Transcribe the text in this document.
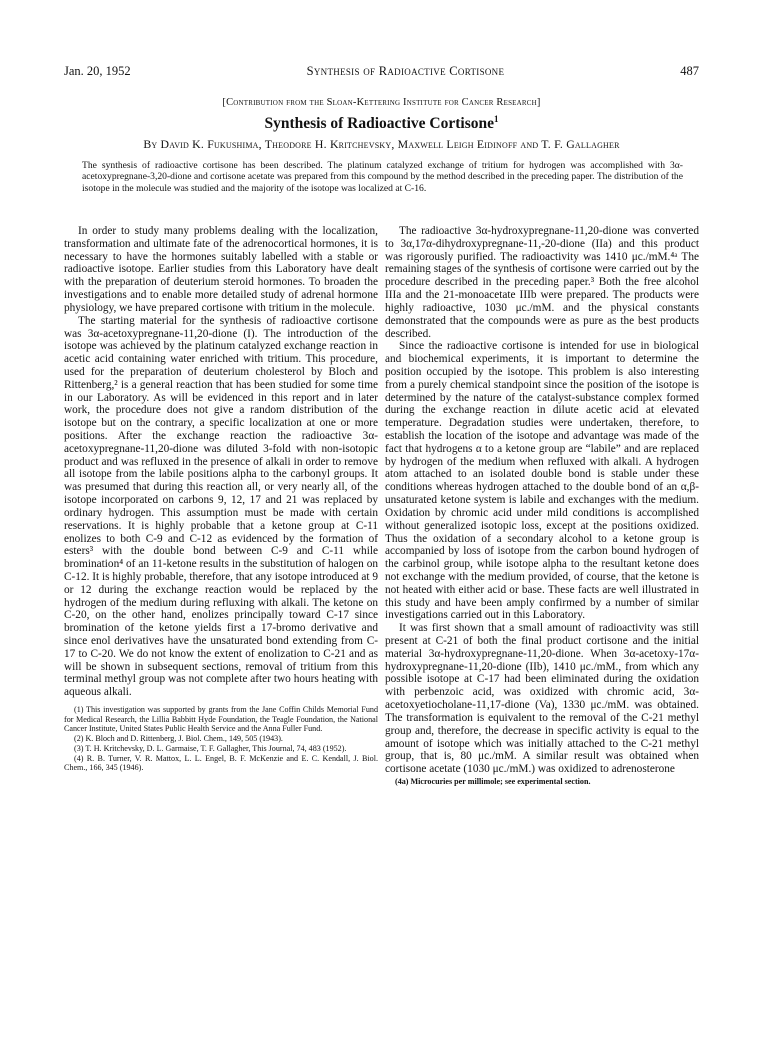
Jan. 20, 1952	Synthesis of Radioactive Cortisone	487
[Contribution from the Sloan-Kettering Institute for Cancer Research]
Synthesis of Radioactive Cortisone$^1$
By David K. Fukushima, Theodore H. Kritchevsky, Maxwell Leigh Eidinoff and T. F. Gallagher
The synthesis of radioactive cortisone has been described. The platinum catalyzed exchange of tritium for hydrogen was accomplished with 3α-acetoxypregnane-3,20-dione and cortisone acetate was prepared from this compound by the method described in the preceding paper. The distribution of the isotope in the molecule was studied and the majority of the isotope was localized at C-16.

In order to study many problems dealing with the localization, transformation and ultimate fate of the adrenocortical hormones, it is necessary to have the hormones suitably labelled with a stable or radioactive isotope. Earlier studies from this Laboratory have dealt with the preparation of deuterium steroid hormones. To broaden the investigations and to enable more detailed study of adrenal hormone physiology, we have prepared cortisone with tritium in the molecule.

The starting material for the synthesis of radioactive cortisone was 3α-acetoxypregnane-11,20-dione (I). The introduction of the isotope was achieved by the platinum catalyzed exchange reaction in acetic acid containing water enriched with tritium. This procedure, used for the preparation of deuterium cholesterol by Bloch and Rittenberg,² is a general reaction that has been studied for some time in our Laboratory. As will be evidenced in this report and in later work, the procedure does not give a random distribution of the isotope but on the contrary, a specific localization at one or more positions. After the exchange reaction the radioactive 3α-acetoxypregnane-11,20-dione was diluted 3-fold with non-isotopic product and was refluxed in the presence of alkali in order to remove all isotope from the labile positions alpha to the carbonyl groups. It was presumed that during this reaction all, or very nearly all, of the isotope incorporated on carbons 9, 12, 17 and 21 was replaced by ordinary hydrogen. This assumption must be made with certain reservations. It is highly probable that a ketone group at C-11 enolizes to both C-9 and C-12 as evidenced by the formation of esters³ with the double bond between C-9 and C-11 while bromination⁴ of an 11-ketone results in the substitution of halogen on C-12. It is highly probable, therefore, that any isotope introduced at 9 or 12 during the exchange reaction would be replaced by the hydrogen of the medium during refluxing with alkali. The ketone on C-20, on the other hand, enolizes principally toward C-17 since bromination of the ketone yields first a 17-bromo derivative and since enol derivatives have the unsaturated bond extending from C-17 to C-20. We do not know the extent of enolization to C-21 and as will be shown in subsequent sections, removal of tritium from this terminal methyl group was not complete after two hours heating with aqueous alkali.

(1) This investigation was supported by grants from the Jane Coffin Childs Memorial Fund for Medical Research, the Lillia Babbitt Hyde Foundation, the Teagle Foundation, the National Cancer Institute, United States Public Health Service and the Anna Fuller Fund.
(2) K. Bloch and D. Rittenberg, J. Biol. Chem., 149, 505 (1943).
(3) T. H. Kritchevsky, D. L. Garmaise, T. F. Gallagher, This Journal, 74, 483 (1952).
(4) R. B. Turner, V. R. Mattox, L. L. Engel, B. F. McKenzie and E. C. Kendall, J. Biol. Chem., 166, 345 (1946).

The radioactive 3α-hydroxypregnane-11,20-dione was converted to 3α,17α-dihydroxypregnane-11,-20-dione (IIa) and this product was rigorously purified. The radioactivity was 1410 μc./mM.⁴ᵃ The remaining stages of the synthesis of cortisone were carried out by the procedure described in the preceding paper.³ Both the free alcohol IIIa and the 21-monoacetate IIIb were prepared. The products were highly radioactive, 1030 μc./mM. and the physical constants demonstrated that the compounds were as pure as the best products described.

Since the radioactive cortisone is intended for use in biological and biochemical experiments, it is important to determine the position occupied by the isotope. This problem is also interesting from a purely chemical standpoint since the position of the isotope is determined by the nature of the catalyst-substance complex formed during the exchange reaction in dilute acetic acid at elevated temperature. Degradation studies were undertaken, therefore, to establish the location of the isotope and advantage was made of the fact that hydrogens α to a ketone group are “labile” and are replaced by hydrogen of the medium when refluxed with alkali. A hydrogen atom attached to an isolated double bond is stable under these conditions whereas hydrogen attached to the double bond of an α,β-unsaturated ketone system is labile and exchanges with the medium. Oxidation by chromic acid under mild conditions is accomplished without generalized isotopic loss, except at the positions oxidized. Thus the oxidation of a secondary alcohol to a ketone group is accompanied by loss of isotope from the carbon bound hydrogen of the carbinol group, while isotope alpha to the resultant ketone does not exchange with the medium provided, of course, that the ketone is not heated with either acid or base. These facts are well illustrated in this study and have been amply confirmed by a number of similar investigations carried out in this Laboratory.

It was first shown that a small amount of radioactivity was still present at C-21 of both the final product cortisone and the initial material 3α-hydroxypregnane-11,20-dione. When 3α-acetoxy-17α-hydroxypregnane-11,20-dione (IIb), 1410 μc./mM., from which any possible isotope at C-17 had been eliminated during the oxidation with perbenzoic acid, was oxidized with chromic acid, 3α-acetoxyetiocholane-11,17-dione (Va), 1330 μc./mM. was obtained. The transformation is equivalent to the removal of the C-21 methyl group and, therefore, the decrease in specific activity is equal to the amount of isotope which was initially attached to the C-21 methyl group, that is, 80 μc./mM. A similar result was obtained when cortisone acetate (1030 μc./mM.) was oxidized to adrenosterone

(4a) Microcuries per millimole; see experimental section.
